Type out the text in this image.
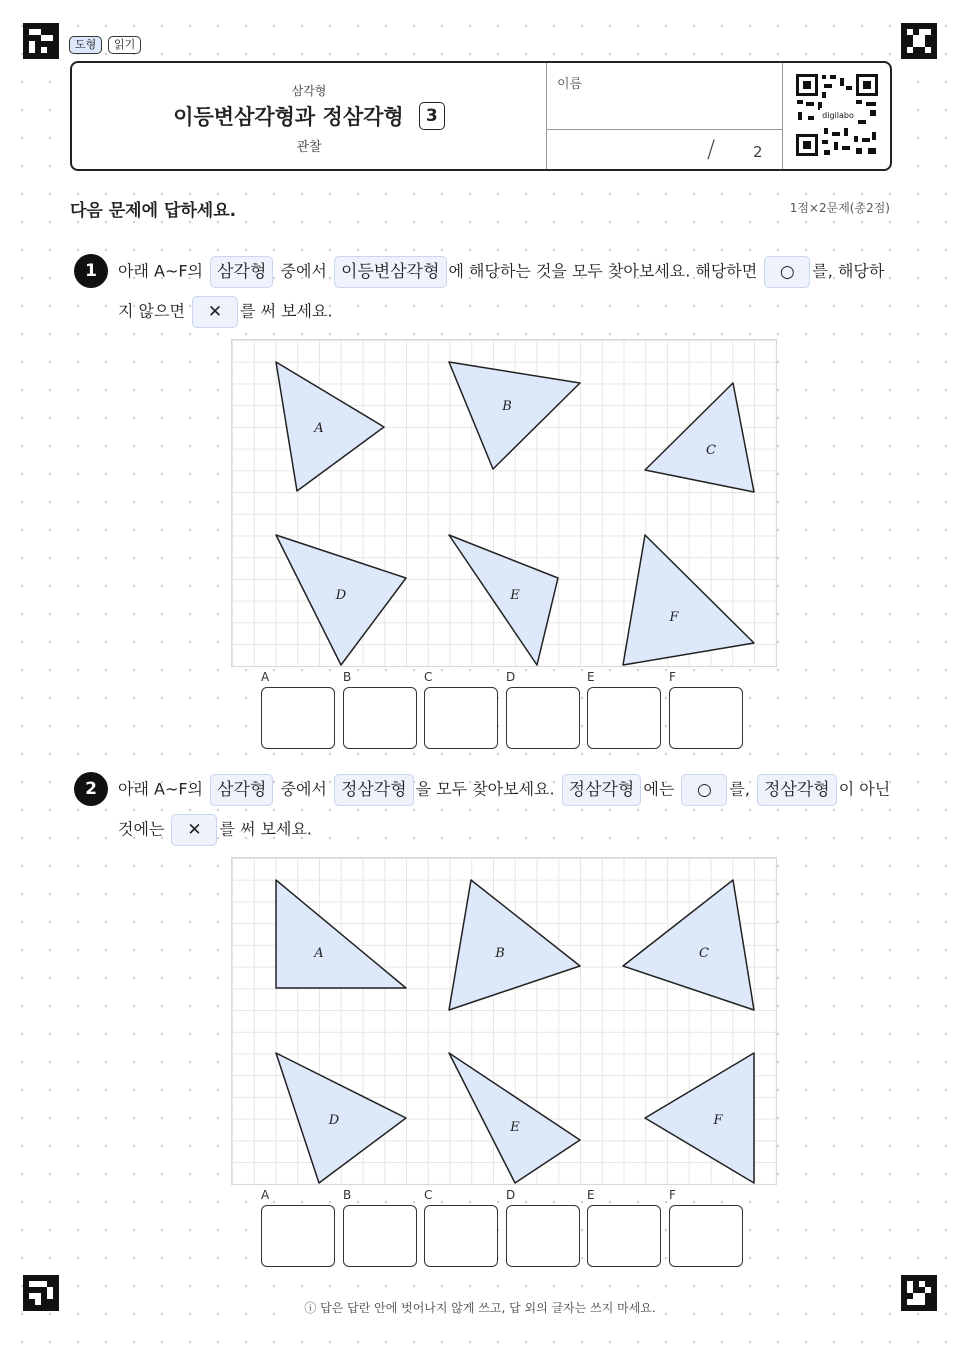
도형	읽기
삼각형
이등변삼각형과 정삼각형 3
관찰
이름
/	2
digilabo
다음 문제에 답하세요.	1점×2문제(총2점)
1	아래 A~F의 삼각형 중에서 이등변삼각형 에 해당하는 것을 모두 찾아보세요. 해당하면 ○ 를, 해당하
지 않으면 ✕ 를 써 보세요.
A
B
C
D	E
F
A	B	C	D	E	F
2	아래 A~F의 삼각형 중에서 정삼각형 을 모두 찾아보세요. 정삼각형 에는 ○ 를, 정삼각형 이 아닌
것에는 ✕ 를 써 보세요.
A	B	C
D	E	F
A	B	C	D	E	F
ⓘ 답은 답란 안에 벗어나지 않게 쓰고, 답 외의 글자는 쓰지 마세요.
